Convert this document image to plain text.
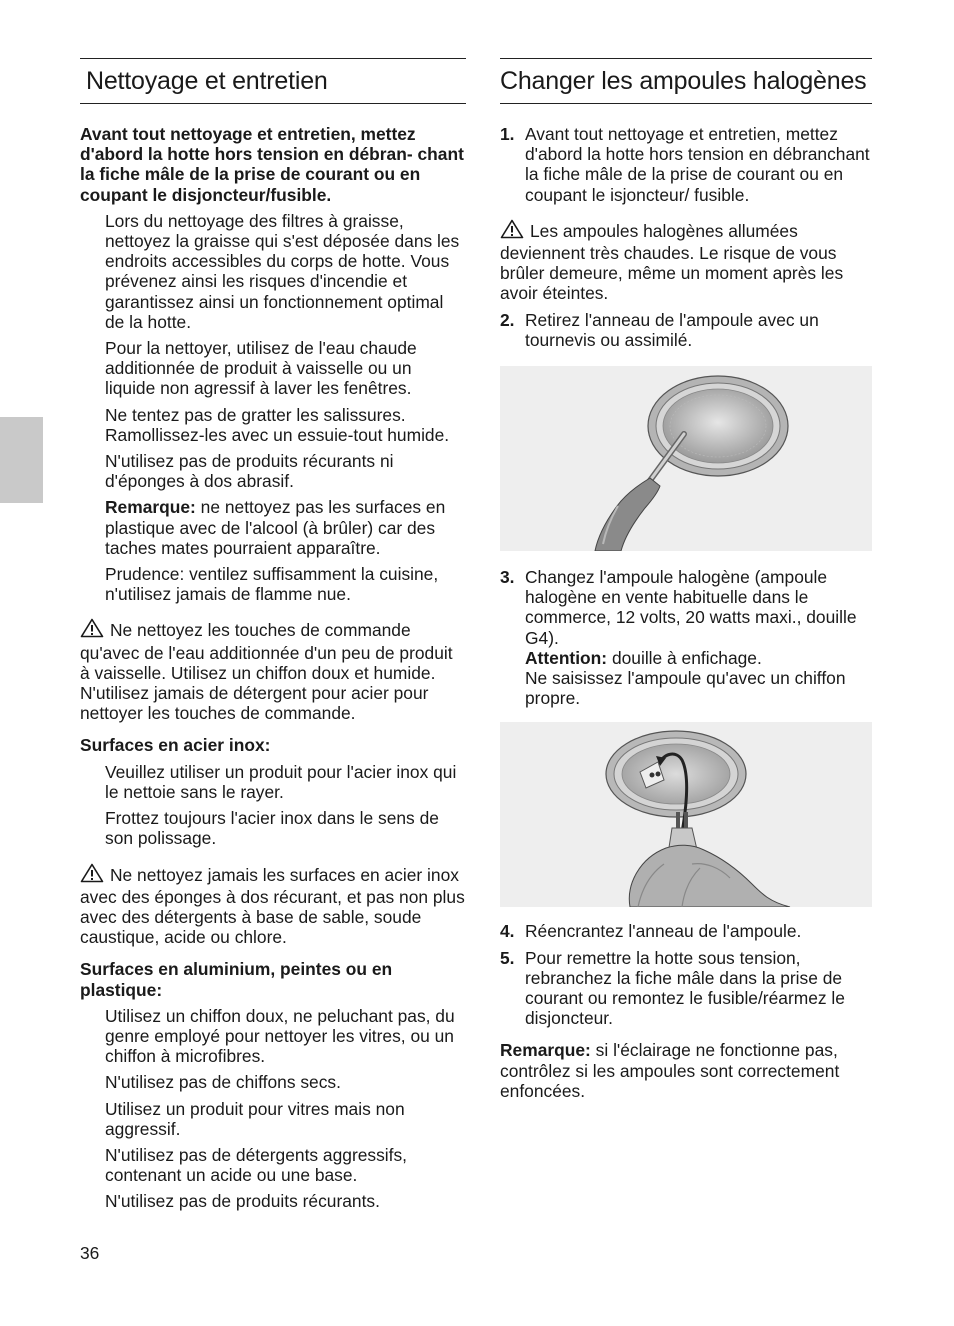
Nettoyage et entretien

Avant tout nettoyage et entretien, mettez d'abord la hotte hors tension en débran- chant la fiche mâle de la prise de courant ou en coupant le disjoncteur/fusible.

Lors du nettoyage des filtres à graisse, nettoyez la graisse qui s'est déposée dans les endroits accessibles du corps de hotte. Vous prévenez ainsi les risques d'incendie et garantissez ainsi un fonctionnement optimal de la hotte.

Pour la nettoyer, utilisez de l'eau chaude additionnée de produit à vaisselle ou un liquide non agressif à laver les fenêtres.

Ne tentez pas de gratter les salissures. Ramollissez-les avec un essuie-tout humide.

N'utilisez pas de produits récurants ni d'éponges à dos abrasif.

Remarque: ne nettoyez pas les surfaces en plastique avec de l'alcool (à brûler) car des taches mates pourraient apparaître.

Prudence: ventilez suffisamment la cuisine, n'utilisez jamais de flamme nue.

Ne nettoyez les touches de commande qu'avec de l'eau additionnée d'un peu de produit à vaisselle. Utilisez un chiffon doux et humide.
N'utilisez jamais de détergent pour acier pour nettoyer les touches de commande.

Surfaces en acier inox:

Veuillez utiliser un produit pour l'acier inox qui le nettoie sans le rayer.

Frottez toujours l'acier inox dans le sens de son polissage.

Ne nettoyez jamais les surfaces en acier inox avec des éponges à dos récurant, et pas non plus avec des détergents à base de sable, soude caustique, acide ou chlore.

Surfaces en aluminium, peintes ou en plastique:

Utilisez un chiffon doux, ne peluchant pas, du genre employé pour nettoyer les vitres, ou un chiffon à microfibres.

N'utilisez pas de chiffons secs.

Utilisez un produit pour vitres mais non aggressif.

N'utilisez pas de détergents aggressifs, contenant un acide ou une base.

N'utilisez pas de produits récurants.

Changer les ampoules halogènes
1. Avant tout nettoyage et entretien, mettez d'abord la hotte hors tension en débranchant la fiche mâle de la prise de courant ou en coupant le isjoncteur/ fusible.

Les ampoules halogènes allumées deviennent très chaudes. Le risque de vous brûler demeure, même un moment après les avoir éteintes.

2. Retirez l'anneau de l'ampoule avec un tournevis ou assimilé.
3. Changez l'ampoule halogène (ampoule halogène en vente habituelle dans le commerce, 12 volts, 20 watts maxi., douille G4).
Attention: douille à enfichage.
Ne saisissez l'ampoule qu'avec un chiffon propre.
4. Réencrantez l'anneau de l'ampoule.
5. Pour remettre la hotte sous tension, rebranchez la fiche mâle dans la prise de courant ou remontez le fusible/réarmez le disjoncteur.

Remarque: si l'éclairage ne fonctionne pas, contrôlez si les ampoules sont correctement enfoncées.

36
